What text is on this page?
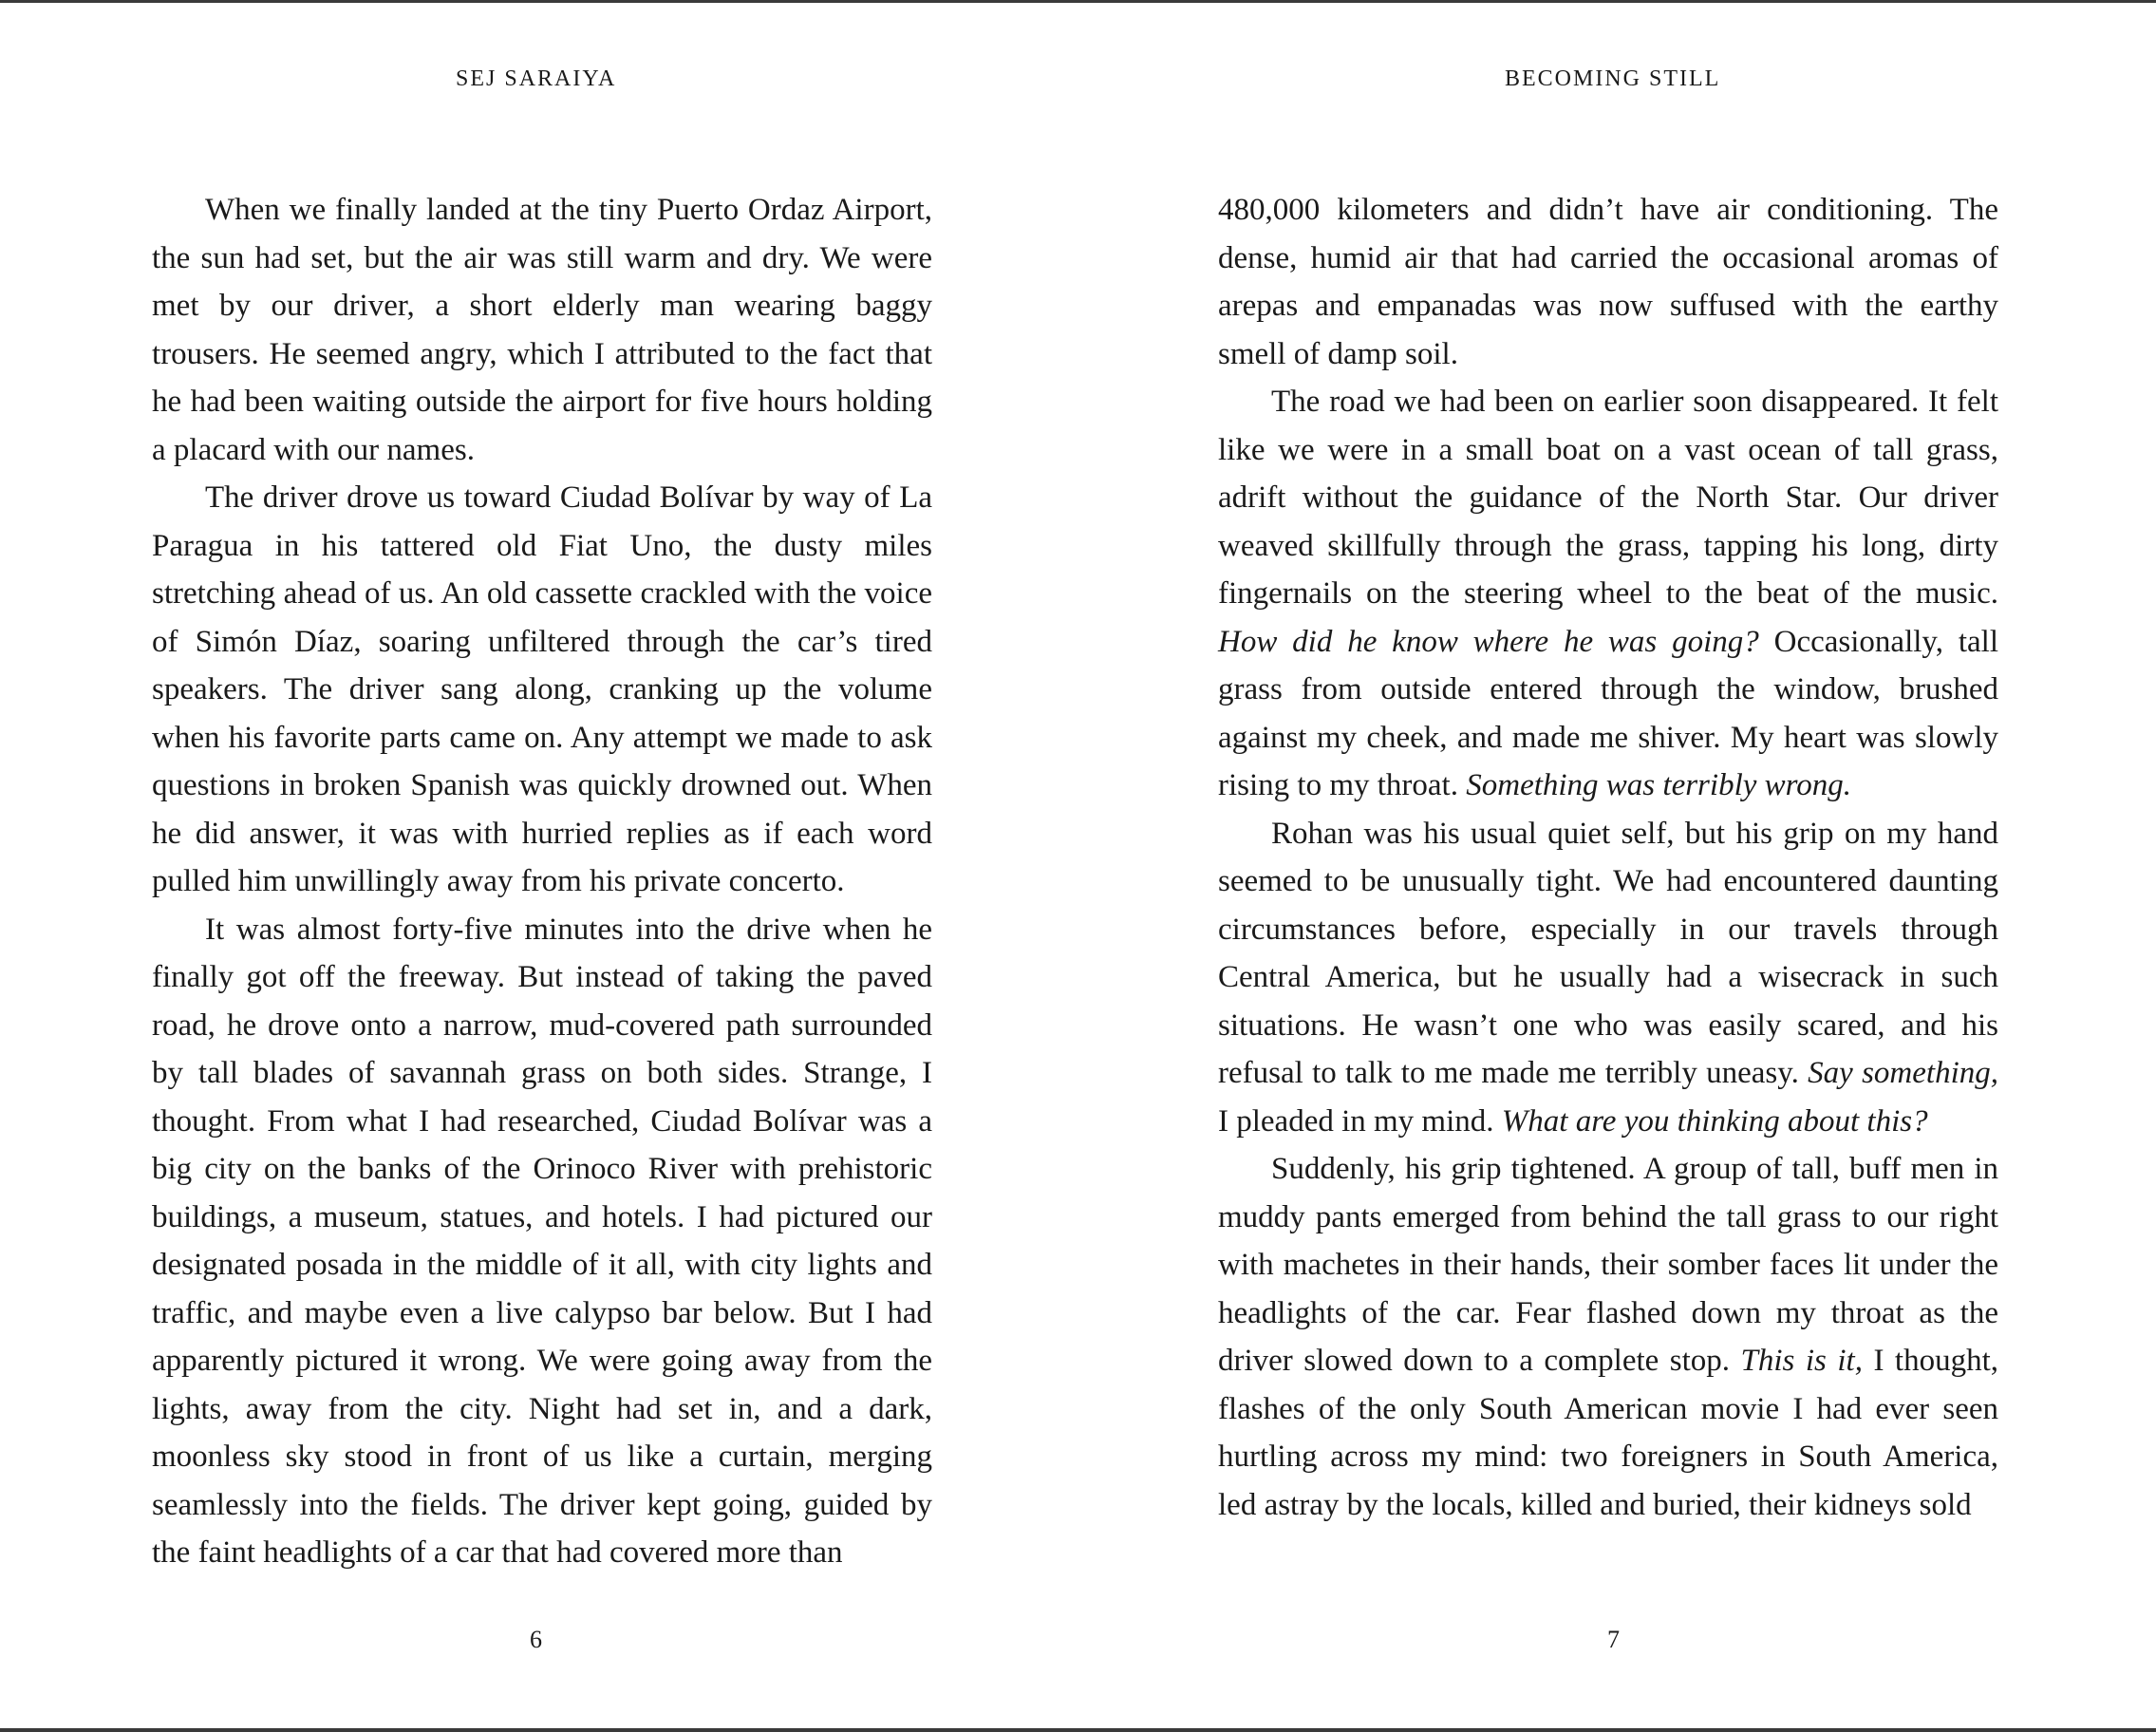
SEJ SARAIYA

When we finally landed at the tiny Puerto Ordaz Airport, the sun had set, but the air was still warm and dry. We were met by our driver, a short elderly man wearing baggy trousers. He seemed angry, which I attributed to the fact that he had been waiting outside the airport for five hours holding a placard with our names.

The driver drove us toward Ciudad Bolívar by way of La Paragua in his tattered old Fiat Uno, the dusty miles stretching ahead of us. An old cassette crackled with the voice of Simón Díaz, soaring unfiltered through the car’s tired speakers. The driver sang along, cranking up the volume when his favorite parts came on. Any attempt we made to ask questions in broken Spanish was quickly drowned out. When he did answer, it was with hurried replies as if each word pulled him unwillingly away from his private concerto.

It was almost forty-five minutes into the drive when he finally got off the freeway. But instead of taking the paved road, he drove onto a narrow, mud-covered path surrounded by tall blades of savannah grass on both sides. Strange, I thought. From what I had researched, Ciudad Bolívar was a big city on the banks of the Orinoco River with prehistoric buildings, a museum, statues, and hotels. I had pictured our designated posada in the middle of it all, with city lights and traffic, and maybe even a live calypso bar below. But I had apparently pictured it wrong. We were going away from the lights, away from the city. Night had set in, and a dark, moonless sky stood in front of us like a curtain, merging seamlessly into the fields. The driver kept going, guided by the faint headlights of a car that had covered more than

6
BECOMING STILL

480,000 kilometers and didn’t have air conditioning. The dense, humid air that had carried the occasional aromas of arepas and empanadas was now suffused with the earthy smell of damp soil.

The road we had been on earlier soon disappeared. It felt like we were in a small boat on a vast ocean of tall grass, adrift without the guidance of the North Star. Our driver weaved skillfully through the grass, tapping his long, dirty fingernails on the steering wheel to the beat of the music. How did he know where he was going? Occasionally, tall grass from outside entered through the window, brushed against my cheek, and made me shiver. My heart was slowly rising to my throat. Something was terribly wrong.

Rohan was his usual quiet self, but his grip on my hand seemed to be unusually tight. We had encountered daunting circumstances before, especially in our travels through Central America, but he usually had a wisecrack in such situations. He wasn’t one who was easily scared, and his refusal to talk to me made me terribly uneasy. Say something, I pleaded in my mind. What are you thinking about this?

Suddenly, his grip tightened. A group of tall, buff men in muddy pants emerged from behind the tall grass to our right with machetes in their hands, their somber faces lit under the headlights of the car. Fear flashed down my throat as the driver slowed down to a complete stop. This is it, I thought, flashes of the only South American movie I had ever seen hurtling across my mind: two foreigners in South America, led astray by the locals, killed and buried, their kidneys sold

7
